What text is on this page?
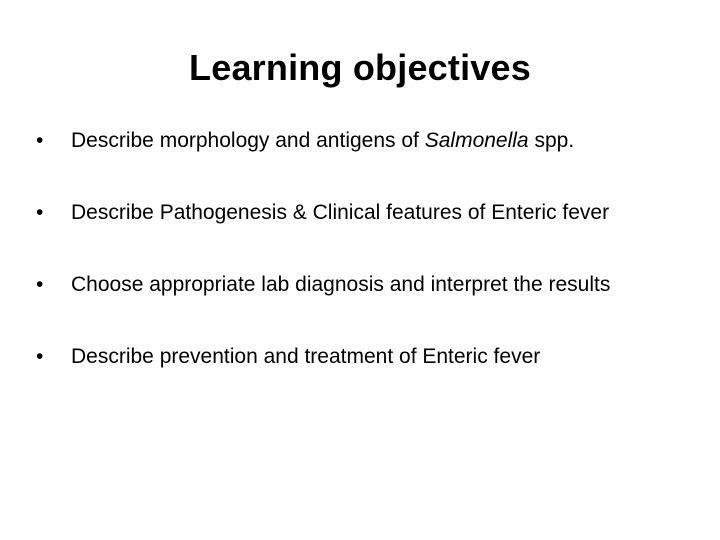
Learning objectives
•	Describe morphology and antigens of Salmonella spp.
•	Describe Pathogenesis & Clinical features of Enteric fever
•	Choose appropriate lab diagnosis and interpret the results
•	Describe prevention and treatment of Enteric fever
